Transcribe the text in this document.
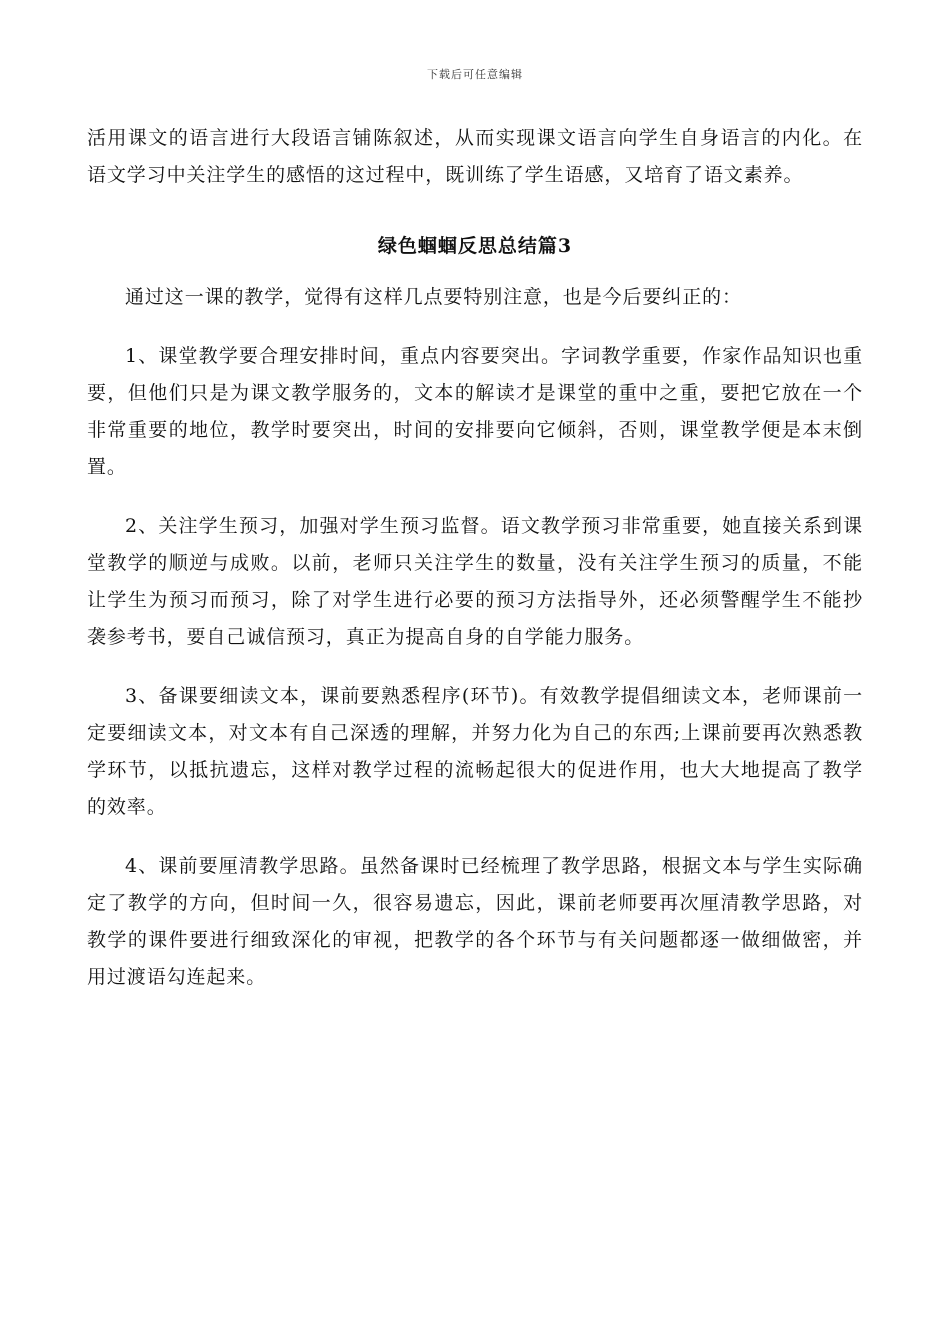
下载后可任意编辑

活用课文的语言进行大段语言铺陈叙述，从而实现课文语言向学生自身语言的内化。在语文学习中关注学生的感悟的这过程中，既训练了学生语感，又培育了语文素养。

绿色蝈蝈反思总结篇3

通过这一课的教学，觉得有这样几点要特别注意，也是今后要纠正的：

1、课堂教学要合理安排时间，重点内容要突出。字词教学重要，作家作品知识也重要，但他们只是为课文教学服务的，文本的解读才是课堂的重中之重，要把它放在一个非常重要的地位，教学时要突出，时间的安排要向它倾斜，否则，课堂教学便是本末倒置。

2、关注学生预习，加强对学生预习监督。语文教学预习非常重要，她直接关系到课堂教学的顺逆与成败。以前，老师只关注学生的数量，没有关注学生预习的质量，不能让学生为预习而预习，除了对学生进行必要的预习方法指导外，还必须警醒学生不能抄袭参考书，要自己诚信预习，真正为提高自身的自学能力服务。

3、备课要细读文本，课前要熟悉程序(环节)。有效教学提倡细读文本，老师课前一定要细读文本，对文本有自己深透的理解，并努力化为自己的东西;上课前要再次熟悉教学环节，以抵抗遗忘，这样对教学过程的流畅起很大的促进作用，也大大地提高了教学的效率。

4、课前要厘清教学思路。虽然备课时已经梳理了教学思路，根据文本与学生实际确定了教学的方向，但时间一久，很容易遗忘，因此，课前老师要再次厘清教学思路，对教学的课件要进行细致深化的审视，把教学的各个环节与有关问题都逐一做细做密，并用过渡语勾连起来。
